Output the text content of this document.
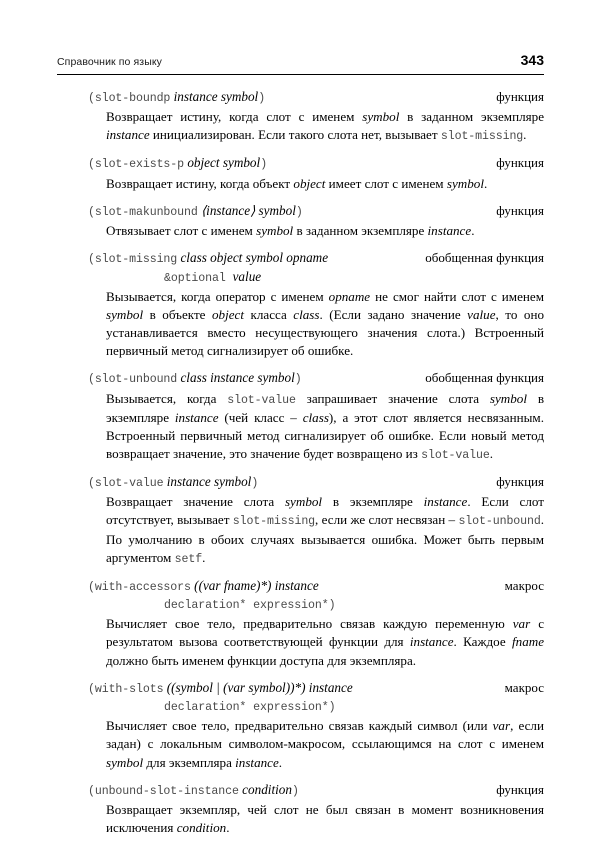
Справочник по языку	343
(slot-boundp instance symbol)	функция
Возвращает истину, когда слот с именем symbol в заданном экземпляре instance инициализирован. Если такого слота нет, вызывает slot-missing.
(slot-exists-p object symbol)	функция
Возвращает истину, когда объект object имеет слот с именем symbol.
(slot-makunbound ⟨instance⟩ symbol)	функция
Отвязывает слот с именем symbol в заданном экземпляре instance.
(slot-missing class object symbol opname	обобщенная функция
&optional value
Вызывается, когда оператор с именем opname не смог найти слот с именем symbol в объекте object класса class. (Если задано значение value, то оно устанавливается вместо несуществующего значения слота.) Встроенный первичный метод сигнализирует об ошибке.
(slot-unbound class instance symbol)	обобщенная функция
Вызывается, когда slot-value запрашивает значение слота symbol в экземпляре instance (чей класс – class), а этот слот является несвязанным. Встроенный первичный метод сигнализирует об ошибке. Если новый метод возвращает значение, это значение будет возвращено из slot-value.
(slot-value instance symbol)	функция
Возвращает значение слота symbol в экземпляре instance. Если слот отсутствует, вызывает slot-missing, если же слот несвязан – slot-unbound. По умолчанию в обоих случаях вызывается ошибка. Может быть первым аргументом setf.
(with-accessors ((var fname)*) instance	макрос
declaration* expression*)
Вычисляет свое тело, предварительно связав каждую переменную var с результатом вызова соответствующей функции для instance. Каждое fname должно быть именем функции доступа для экземпляра.
(with-slots ((symbol | (var symbol))*) instance	макрос
declaration* expression*)
Вычисляет свое тело, предварительно связав каждый символ (или var, если задан) с локальным символом-макросом, ссылающимся на слот с именем symbol для экземпляра instance.
(unbound-slot-instance condition)	функция
Возвращает экземпляр, чей слот не был связан в момент возникновения исключения condition.
